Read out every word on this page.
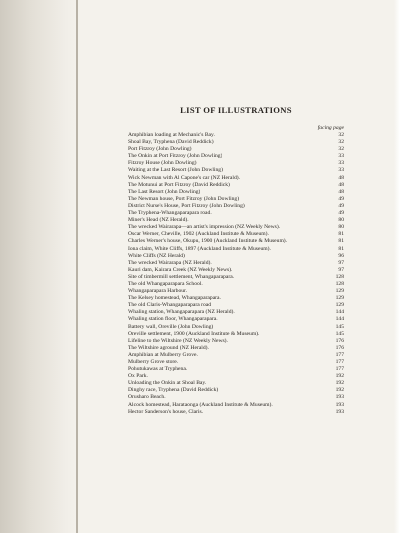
LIST OF ILLUSTRATIONS
facing page
Amphibian loading at Mechanic's Bay.	32
Shoal Bay, Tryphena (David Reddick)	32
Port Fitzroy (John Dowling)	32
The Onkin at Port Fitzroy (John Dowling)	33
Fitzroy House (John Dowling)	33
Waiting at the Last Resort (John Dowling)	33
Wick Newman with Al Capone's car (NZ Herald).	48
The Motunui at Port Fitzroy (David Reddick)	48
The Last Resort (John Dowling)	48
The Newman house, Port Fitzroy (John Dowling)	49
District Nurse's House, Port Fitzroy (John Dowling)	49
The Tryphena-Whangaparapara road.	49
Miner's Head (NZ Herald).	80
The wrecked Wairarapa—an artist's impression (NZ Weekly News).	80
Oscar Werner, Cheville, 1902 (Auckland Institute & Museum).	81
Charles Werner's house, Okupu, 1900 (Auckland Institute & Museum).	81
Iona claim, White Cliffs, 1897 (Auckland Institute & Museum).	81
White Cliffs (NZ Herald)	96
The wrecked Wairarapa (NZ Herald).	97
Kauri dam, Kairara Creek (NZ Weekly News).	97
Site of timbermill settlement, Whangaparapara.	128
The old Whangaparapara School.	128
Whangaparapara Harbour.	129
The Kelsey homestead, Whangaparapara.	129
The old Claris-Whangaparapara road	129
Whaling station, Whangaparapara (NZ Herald).	144
Whaling station floor, Whangaparapara.	144
Battery wall, Oreville (John Dowling)	145
Oreville settlement, 1900 (Auckland Institute & Museum).	145
Lifeline to the Wiltshire (NZ Weekly News).	176
The Wiltshire aground (NZ Herald).	176
Amphibian at Mulberry Grove.	177
Mulberry Grove store.	177
Pohutukawas at Tryphena.	177
Ox Park.	192
Unloading the Onkin at Shoal Bay.	192
Dinghy race, Tryphena (David Reddick)	192
Orusharo Beach.	193
Alcock homestead, Harataonga (Auckland Institute & Museum).	193
Hector Sanderson's house, Claris.	193
